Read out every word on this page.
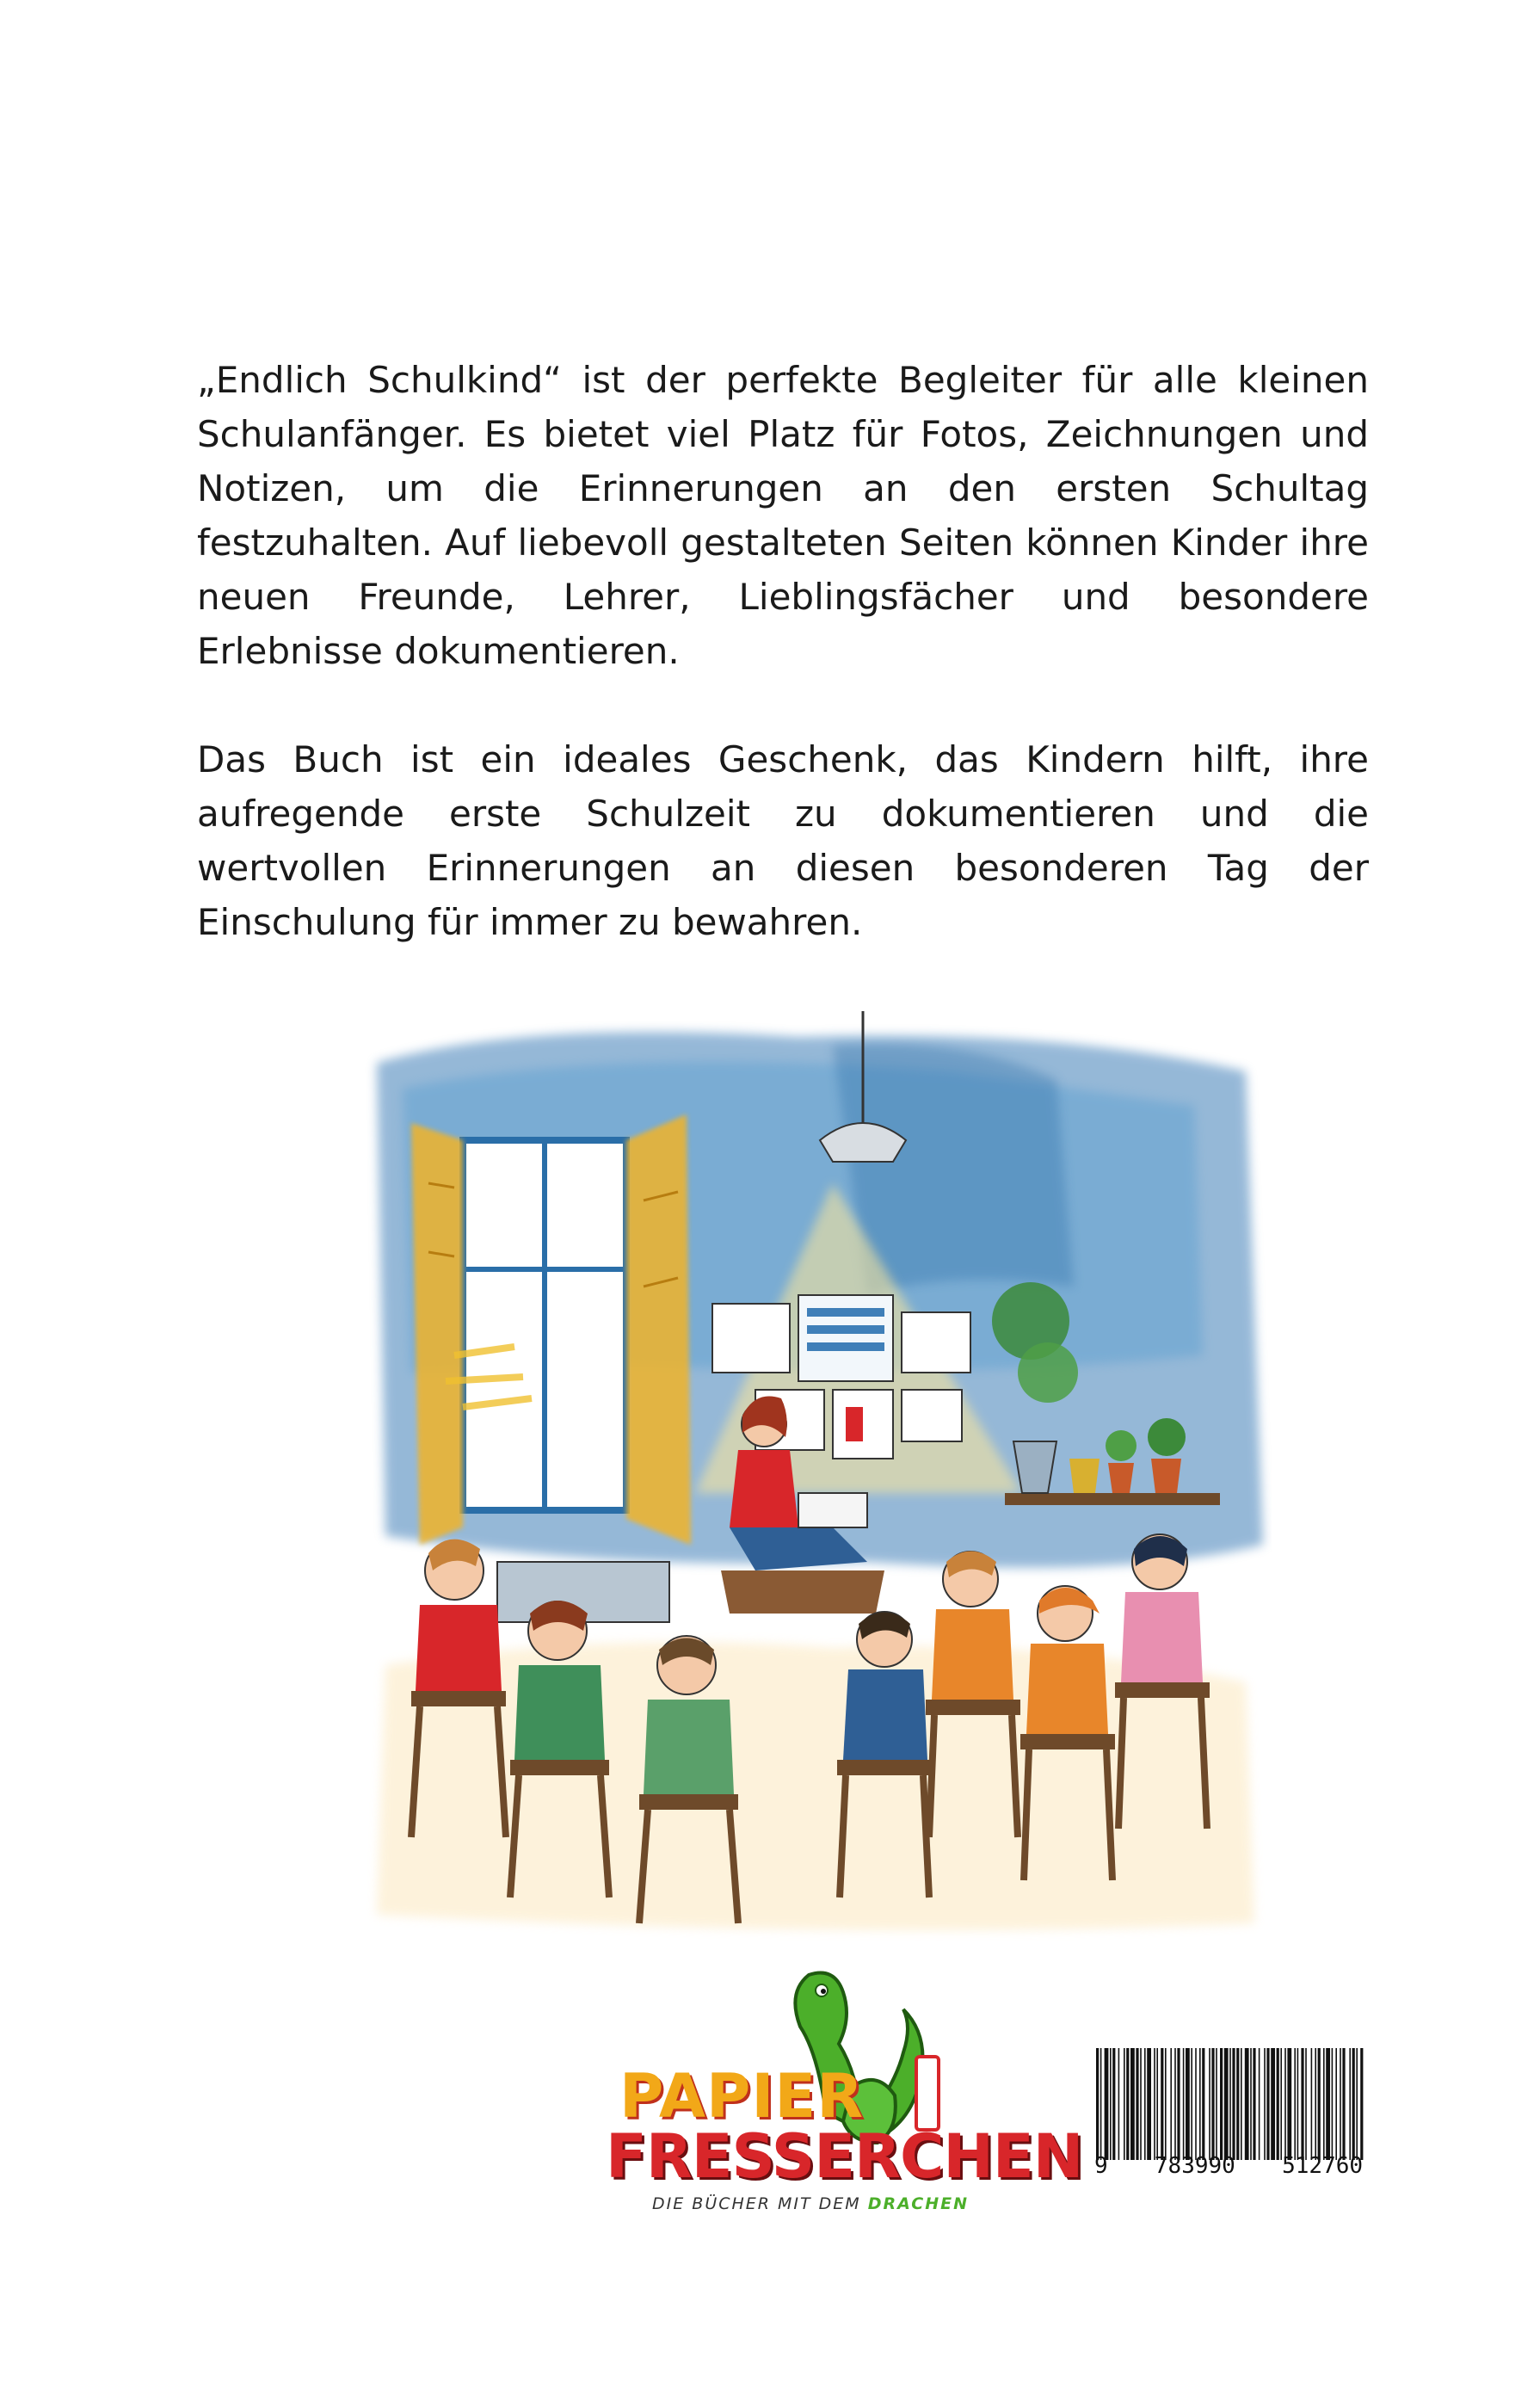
„Endlich Schulkind“ ist der perfekte Begleiter für alle kleinen Schulanfänger. Es bietet viel Platz für Fotos, Zeichnungen und Notizen, um die Erinnerungen an den ersten Schultag festzuhalten. Auf liebevoll gestalteten Seiten können Kinder ihre neuen Freunde, Lehrer, Lieblingsfächer und besondere Erlebnisse dokumentieren.

Das Buch ist ein ideales Geschenk, das Kindern hilft, ihre aufregende erste Schulzeit zu dokumentieren und die wertvollen Erinnerungen an diesen besonderen Tag der Einschulung für immer zu bewahren.

PAPIER
FRESSERCHEN
DIE BÜCHER MIT DEM DRACHEN
9 783990 512760
